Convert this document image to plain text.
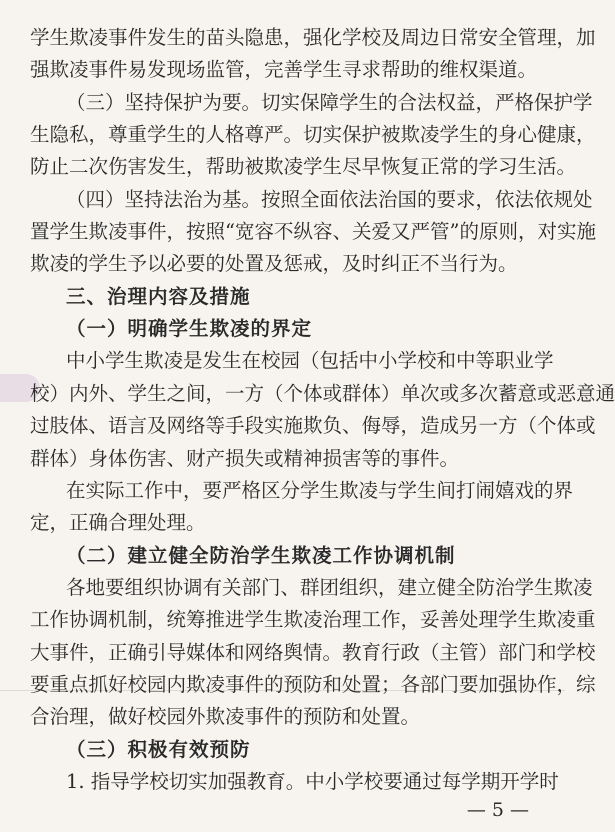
学生欺凌事件发生的苗头隐患，强化学校及周边日常安全管理，加
强欺凌事件易发现场监管，完善学生寻求帮助的维权渠道。
（三）坚持保护为要。切实保障学生的合法权益，严格保护学
生隐私，尊重学生的人格尊严。切实保护被欺凌学生的身心健康，
防止二次伤害发生，帮助被欺凌学生尽早恢复正常的学习生活。
（四）坚持法治为基。按照全面依法治国的要求，依法依规处
置学生欺凌事件，按照“宽容不纵容、关爱又严管”的原则，对实施
欺凌的学生予以必要的处置及惩戒，及时纠正不当行为。
三、治理内容及措施
（一）明确学生欺凌的界定
中小学生欺凌是发生在校园（包括中小学校和中等职业学
校）内外、学生之间，一方（个体或群体）单次或多次蓄意或恶意通
过肢体、语言及网络等手段实施欺负、侮辱，造成另一方（个体或
群体）身体伤害、财产损失或精神损害等的事件。
在实际工作中，要严格区分学生欺凌与学生间打闹嬉戏的界
定，正确合理处理。
（二）建立健全防治学生欺凌工作协调机制
各地要组织协调有关部门、群团组织，建立健全防治学生欺凌
工作协调机制，统筹推进学生欺凌治理工作，妥善处理学生欺凌重
大事件，正确引导媒体和网络舆情。教育行政（主管）部门和学校
要重点抓好校园内欺凌事件的预防和处置；各部门要加强协作，综
合治理，做好校园外欺凌事件的预防和处置。
（三）积极有效预防
1. 指导学校切实加强教育。中小学校要通过每学期开学时
— 5 —
